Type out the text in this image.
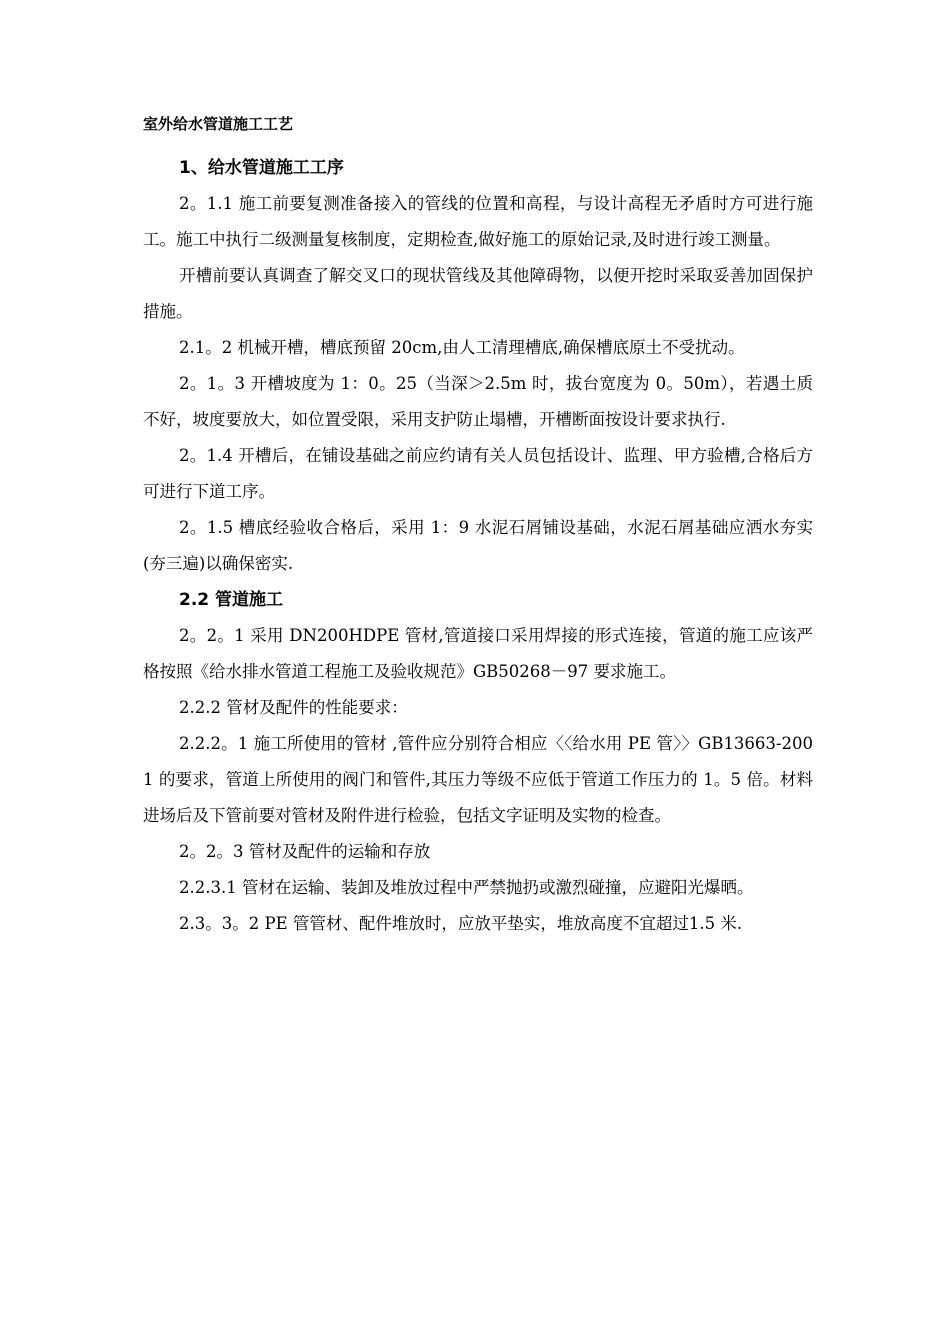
室外给水管道施工工艺

1、给水管道施工工序

2。1.1 施工前要复测准备接入的管线的位置和高程，与设计高程无矛盾时方可进行施工。施工中执行二级测量复核制度，定期检查,做好施工的原始记录,及时进行竣工测量。

开槽前要认真调查了解交叉口的现状管线及其他障碍物，以便开挖时采取妥善加固保护措施。

2.1。2 机械开槽，槽底预留 20cm,由人工清理槽底,确保槽底原土不受扰动。

2。1。3 开槽坡度为 1：0。25（当深＞2.5m 时，拔台宽度为 0。50m），若遇土质不好，坡度要放大，如位置受限，采用支护防止塌槽，开槽断面按设计要求执行.

2。1.4 开槽后，在铺设基础之前应约请有关人员包括设计、监理、甲方验槽,合格后方可进行下道工序。

2。1.5 槽底经验收合格后，采用 1：9 水泥石屑铺设基础，水泥石屑基础应洒水夯实(夯三遍)以确保密实.

2.2 管道施工

2。2。1 采用 DN200HDPE 管材,管道接口采用焊接的形式连接，管道的施工应该严格按照《给水排水管道工程施工及验收规范》GB50268－97 要求施工。

2.2.2 管材及配件的性能要求：

2.2.2。1 施工所使用的管材 ,管件应分别符合相应〈〈给水用 PE 管〉〉GB13663-2001 的要求，管道上所使用的阀门和管件,其压力等级不应低于管道工作压力的 1。5 倍。材料进场后及下管前要对管材及附件进行检验，包括文字证明及实物的检查。

2。2。3 管材及配件的运输和存放

2.2.3.1 管材在运输、装卸及堆放过程中严禁抛扔或激烈碰撞，应避阳光爆晒。

2.3。3。2 PE 管管材、配件堆放时，应放平垫实，堆放高度不宜超过1.5 米.
